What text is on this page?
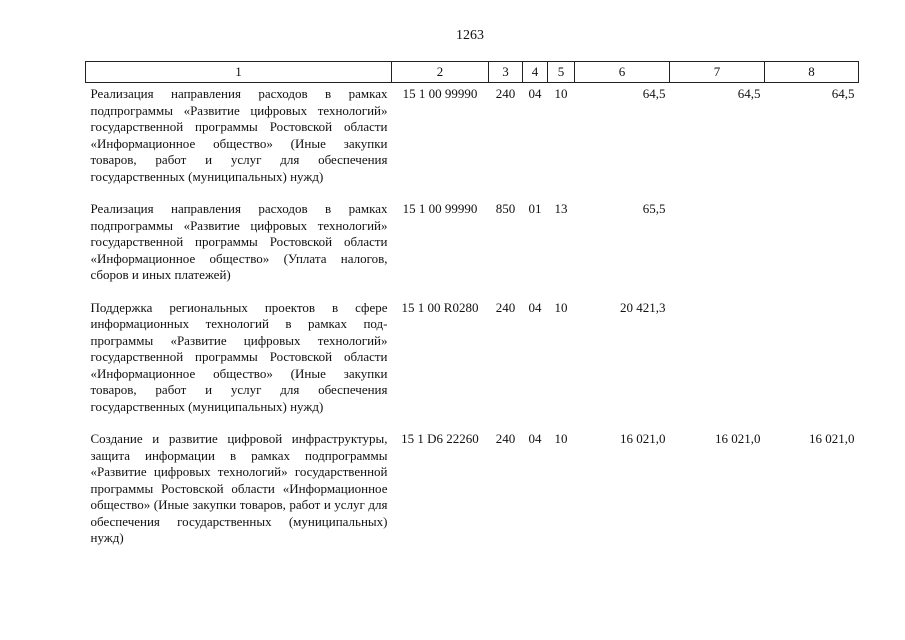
1263
1	2	3	4	5	6	7	8
Реализация направления расходов в рамках подпрограммы «Развитие цифровых технологий» государственной программы Ростовской области «Информационное общество» (Иные закупки товаров, работ и услуг для обеспечения государственных (муниципальных) нужд)	15 1 00 99990	240	04	10	64,5	64,5	64,5
Реализация направления расходов в рамках подпрограммы «Развитие цифровых технологий» государственной программы Ростовской области «Информационное общество» (Уплата налогов, сборов и иных платежей)	15 1 00 99990	850	01	13	65,5		
Поддержка региональных проектов в сфере информационных технологий в рамках подпрограммы «Развитие цифровых технологий» государственной программы Ростовской области «Информационное общество» (Иные закупки товаров, работ и услуг для обеспечения государственных (муниципальных) нужд)	15 1 00 R0280	240	04	10	20 421,3		
Создание и развитие цифровой инфраструктуры, защита информации в рамках подпрограммы «Развитие цифровых технологий» государственной программы Ростовской области «Информационное общество» (Иные закупки товаров, работ и услуг для обеспечения государственных (муниципальных) нужд)	15 1 D6 22260	240	04	10	16 021,0	16 021,0	16 021,0
